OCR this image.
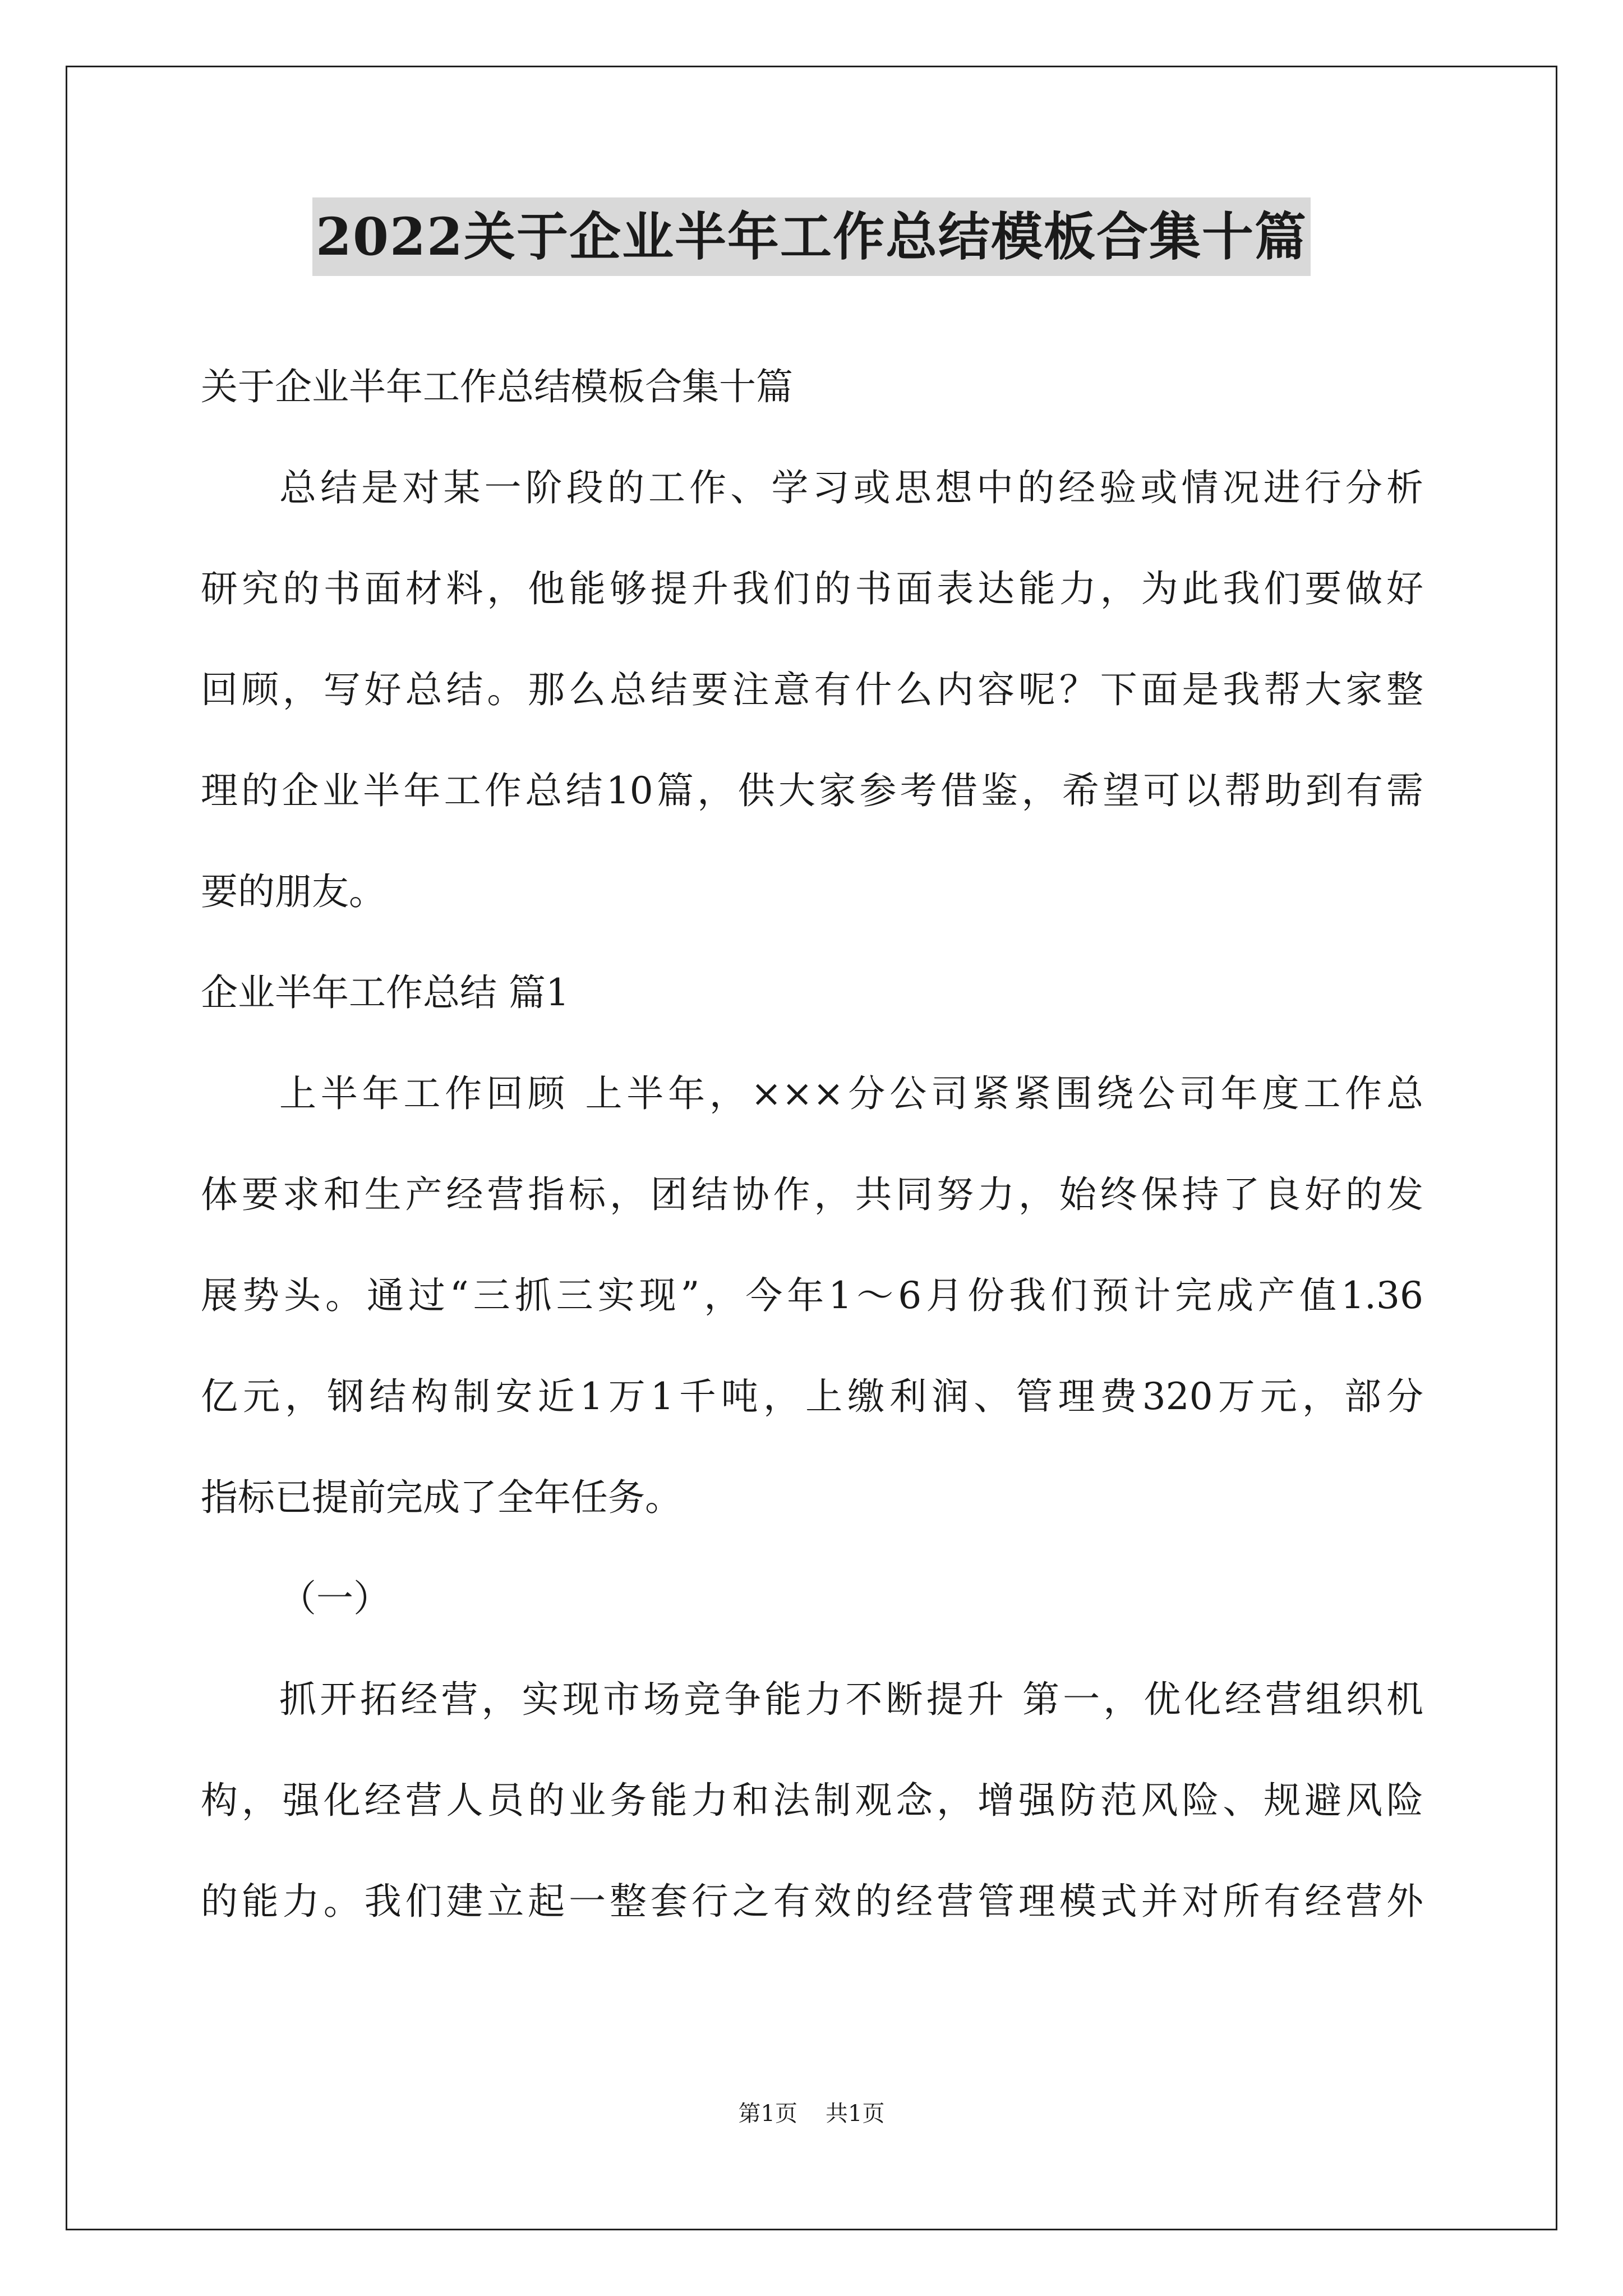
2022关于企业半年工作总结模板合集十篇
关于企业半年工作总结模板合集十篇
总结是对某一阶段的工作、学习或思想中的经验或情况进行分析
研究的书面材料，他能够提升我们的书面表达能力，为此我们要做好
回顾，写好总结。那么总结要注意有什么内容呢？下面是我帮大家整
理的企业半年工作总结10篇，供大家参考借鉴，希望可以帮助到有需
要的朋友。
企业半年工作总结 篇1
上半年工作回顾 上半年，×××分公司紧紧围绕公司年度工作总
体要求和生产经营指标，团结协作，共同努力，始终保持了良好的发
展势头。通过“三抓三实现”，今年1～6月份我们预计完成产值1.36
亿元，钢结构制安近1万1千吨，上缴利润、管理费320万元，部分
指标已提前完成了全年任务。
（一）
抓开拓经营，实现市场竞争能力不断提升 第一，优化经营组织机
构，强化经营人员的业务能力和法制观念，增强防范风险、规避风险
的能力。我们建立起一整套行之有效的经营管理模式并对所有经营外
第1页 共1页
